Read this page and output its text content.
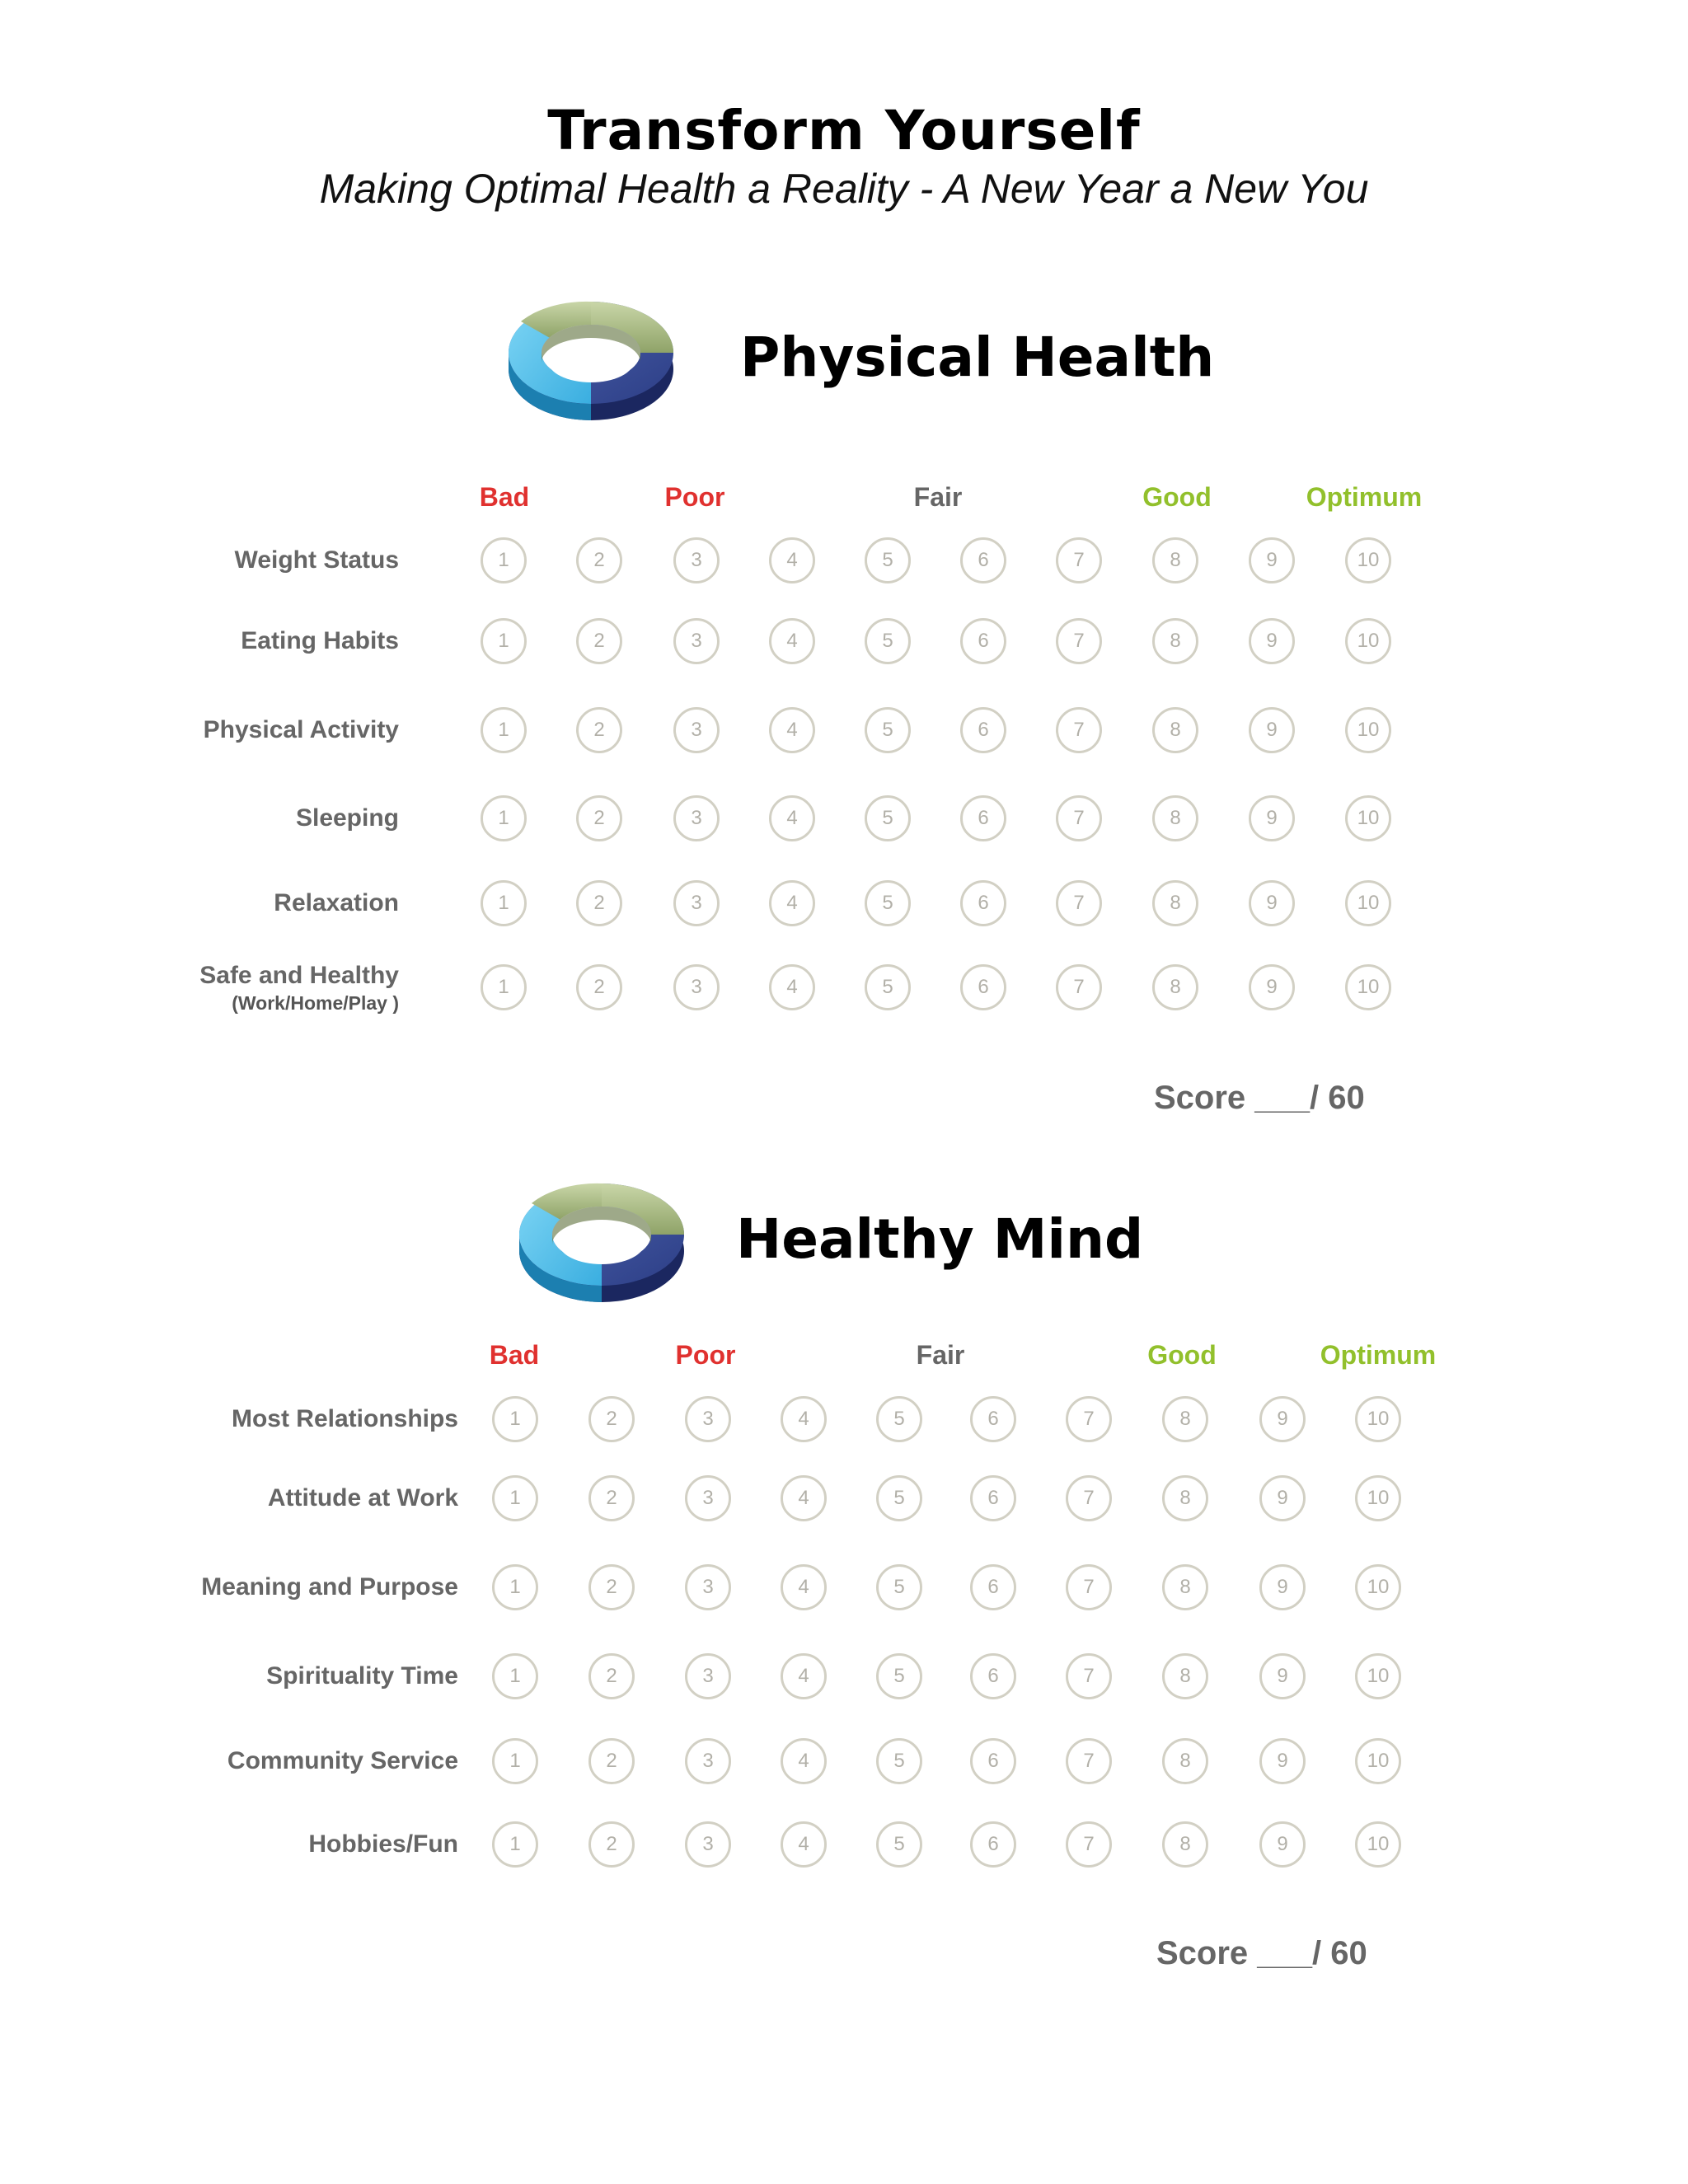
Transform Yourself
Making Optimal Health a Reality - A New Year a New You
Physical Health
Bad	Poor	Fair	Good	Optimum
Weight Status	1	2	3	4	5	6	7	8	9	10
Eating Habits	1	2	3	4	5	6	7	8	9	10
Physical Activity	1	2	3	4	5	6	7	8	9	10
Sleeping	1	2	3	4	5	6	7	8	9	10
Relaxation	1	2	3	4	5	6	7	8	9	10
Safe and Healthy
(Work/Home/Play )
1	2	3	4	5	6	7	8	9	10
Score ___/ 60
Healthy Mind
Bad	Poor	Fair	Good	Optimum
Most Relationships	1	2	3	4	5	6	7	8	9	10
Attitude at Work	1	2	3	4	5	6	7	8	9	10
Meaning and Purpose	1	2	3	4	5	6	7	8	9	10
Spirituality Time	1	2	3	4	5	6	7	8	9	10
Community Service	1	2	3	4	5	6	7	8	9	10
Hobbies/Fun	1	2	3	4	5	6	7	8	9	10
Score ___/ 60
